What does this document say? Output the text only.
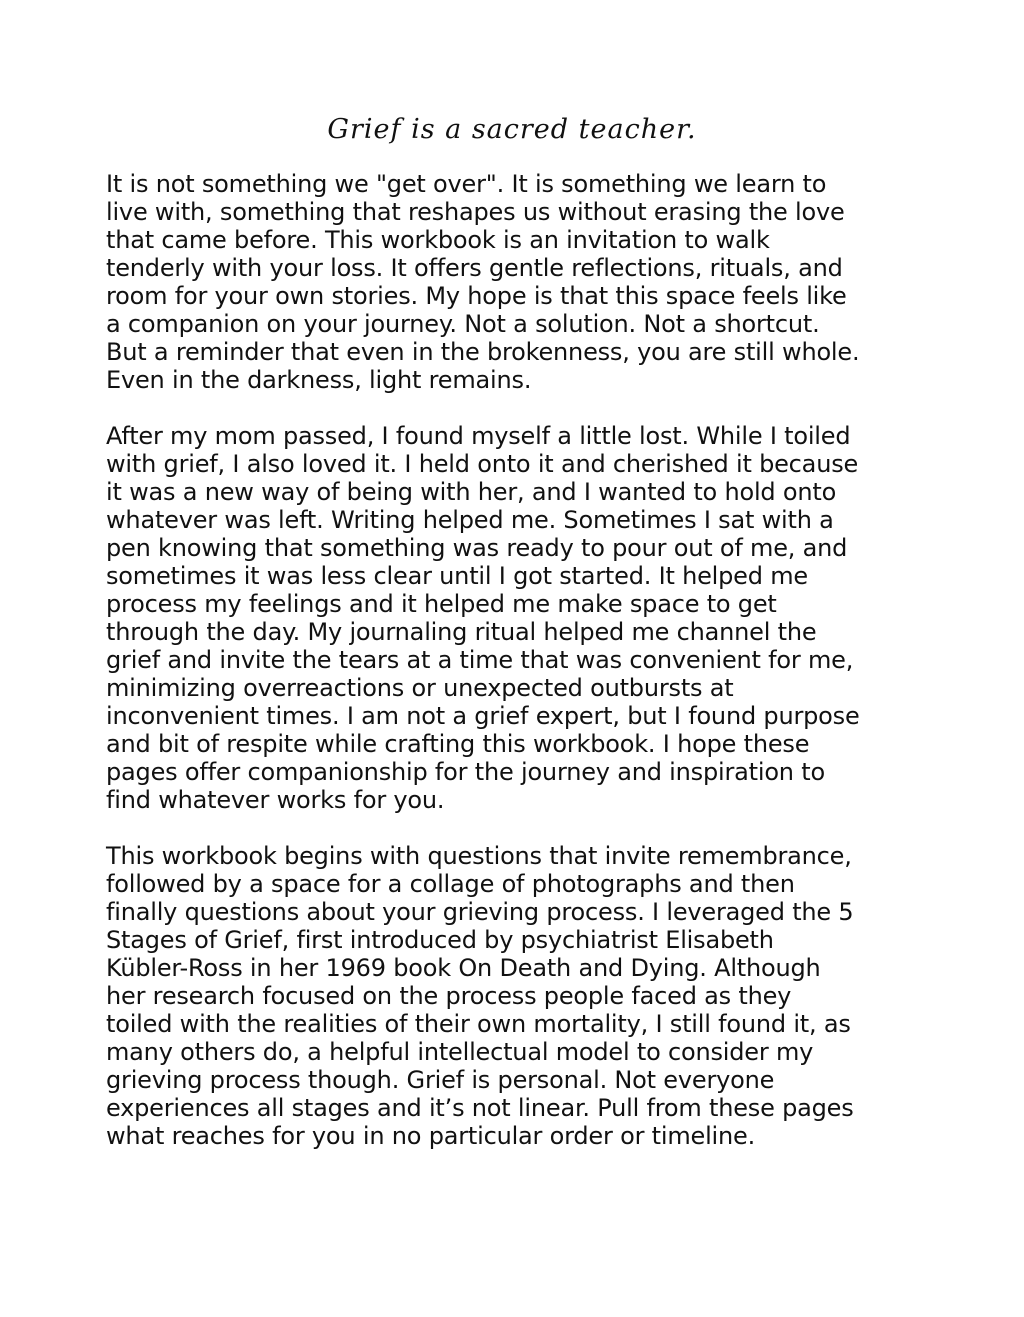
Grief is a sacred teacher.
It is not something we "get over". It is something we learn to
live with, something that reshapes us without erasing the love
that came before. This workbook is an invitation to walk
tenderly with your loss. It offers gentle reflections, rituals, and
room for your own stories. My hope is that this space feels like
a companion on your journey. Not a solution. Not a shortcut.
But a reminder that even in the brokenness, you are still whole.
Even in the darkness, light remains.
After my mom passed, I found myself a little lost. While I toiled
with grief, I also loved it. I held onto it and cherished it because
it was a new way of being with her, and I wanted to hold onto
whatever was left. Writing helped me. Sometimes I sat with a
pen knowing that something was ready to pour out of me, and
sometimes it was less clear until I got started. It helped me
process my feelings and it helped me make space to get
through the day. My journaling ritual helped me channel the
grief and invite the tears at a time that was convenient for me,
minimizing overreactions or unexpected outbursts at
inconvenient times. I am not a grief expert, but I found purpose
and bit of respite while crafting this workbook. I hope these
pages offer companionship for the journey and inspiration to
find whatever works for you.
This workbook begins with questions that invite remembrance,
followed by a space for a collage of photographs and then
finally questions about your grieving process. I leveraged the 5
Stages of Grief, first introduced by psychiatrist Elisabeth
Kübler-Ross in her 1969 book On Death and Dying. Although
her research focused on the process people faced as they
toiled with the realities of their own mortality, I still found it, as
many others do, a helpful intellectual model to consider my
grieving process though. Grief is personal. Not everyone
experiences all stages and it’s not linear. Pull from these pages
what reaches for you in no particular order or timeline.
